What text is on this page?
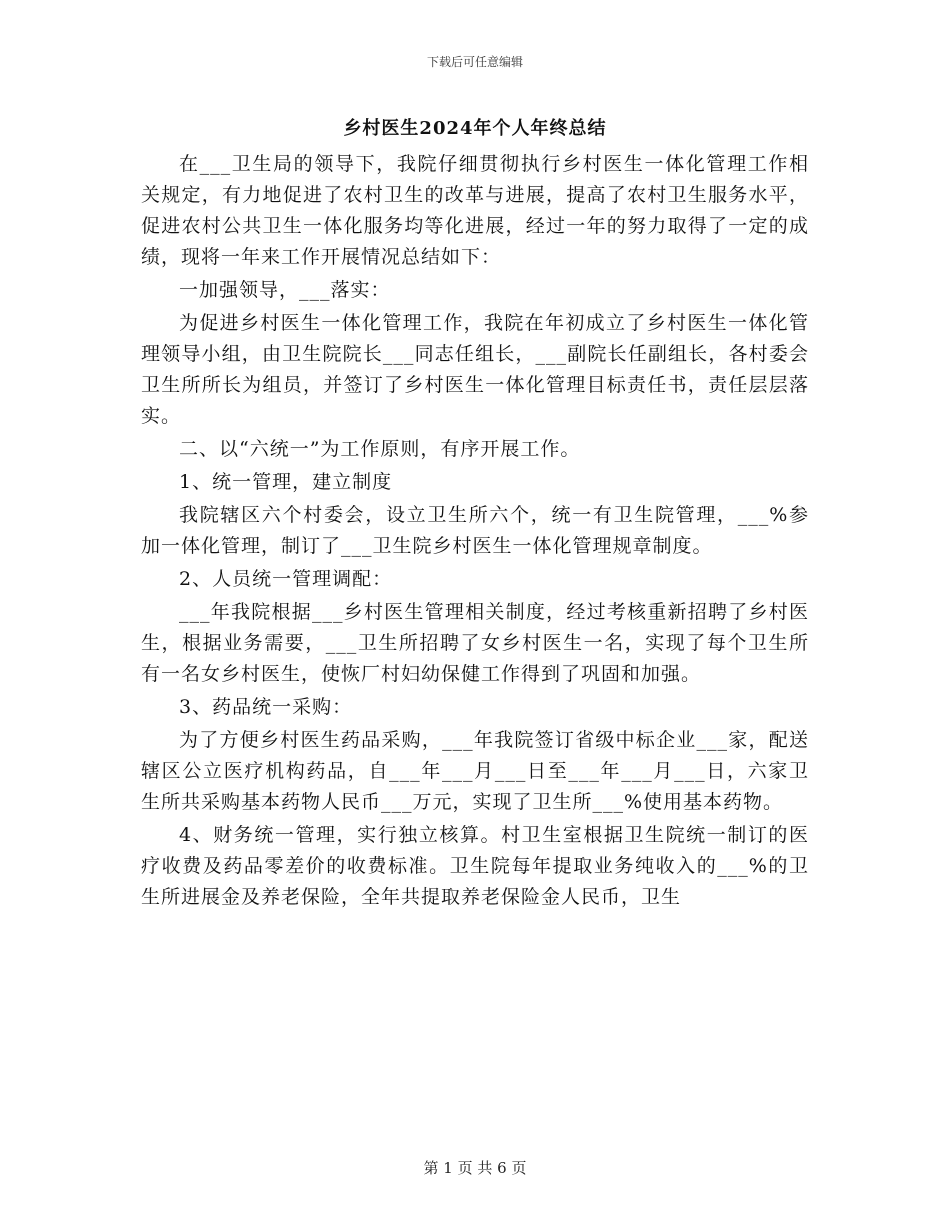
下载后可任意编辑
乡村医生2024年个人年终总结

在___卫生局的领导下，我院仔细贯彻执行乡村医生一体化管理工作相关规定，有力地促进了农村卫生的改革与进展，提高了农村卫生服务水平，促进农村公共卫生一体化服务均等化进展，经过一年的努力取得了一定的成绩，现将一年来工作开展情况总结如下：

一加强领导，___落实：

为促进乡村医生一体化管理工作，我院在年初成立了乡村医生一体化管理领导小组，由卫生院院长___同志任组长，___副院长任副组长，各村委会卫生所所长为组员，并签订了乡村医生一体化管理目标责任书，责任层层落实。

二、以“六统一”为工作原则，有序开展工作。

1、统一管理，建立制度

我院辖区六个村委会，设立卫生所六个，统一有卫生院管理，___%参加一体化管理，制订了___卫生院乡村医生一体化管理规章制度。

2、人员统一管理调配：

___年我院根据___乡村医生管理相关制度，经过考核重新招聘了乡村医生，根据业务需要，___卫生所招聘了女乡村医生一名，实现了每个卫生所有一名女乡村医生，使恢厂村妇幼保健工作得到了巩固和加强。

3、药品统一采购：

为了方便乡村医生药品采购，___年我院签订省级中标企业___家，配送辖区公立医疗机构药品，自___年___月___日至___年___月___日，六家卫生所共采购基本药物人民币___万元，实现了卫生所___%使用基本药物。

4、财务统一管理，实行独立核算。村卫生室根据卫生院统一制订的医疗收费及药品零差价的收费标准。卫生院每年提取业务纯收入的___%的卫生所进展金及养老保险，全年共提取养老保险金人民币，卫生

第 1 页 共 6 页
